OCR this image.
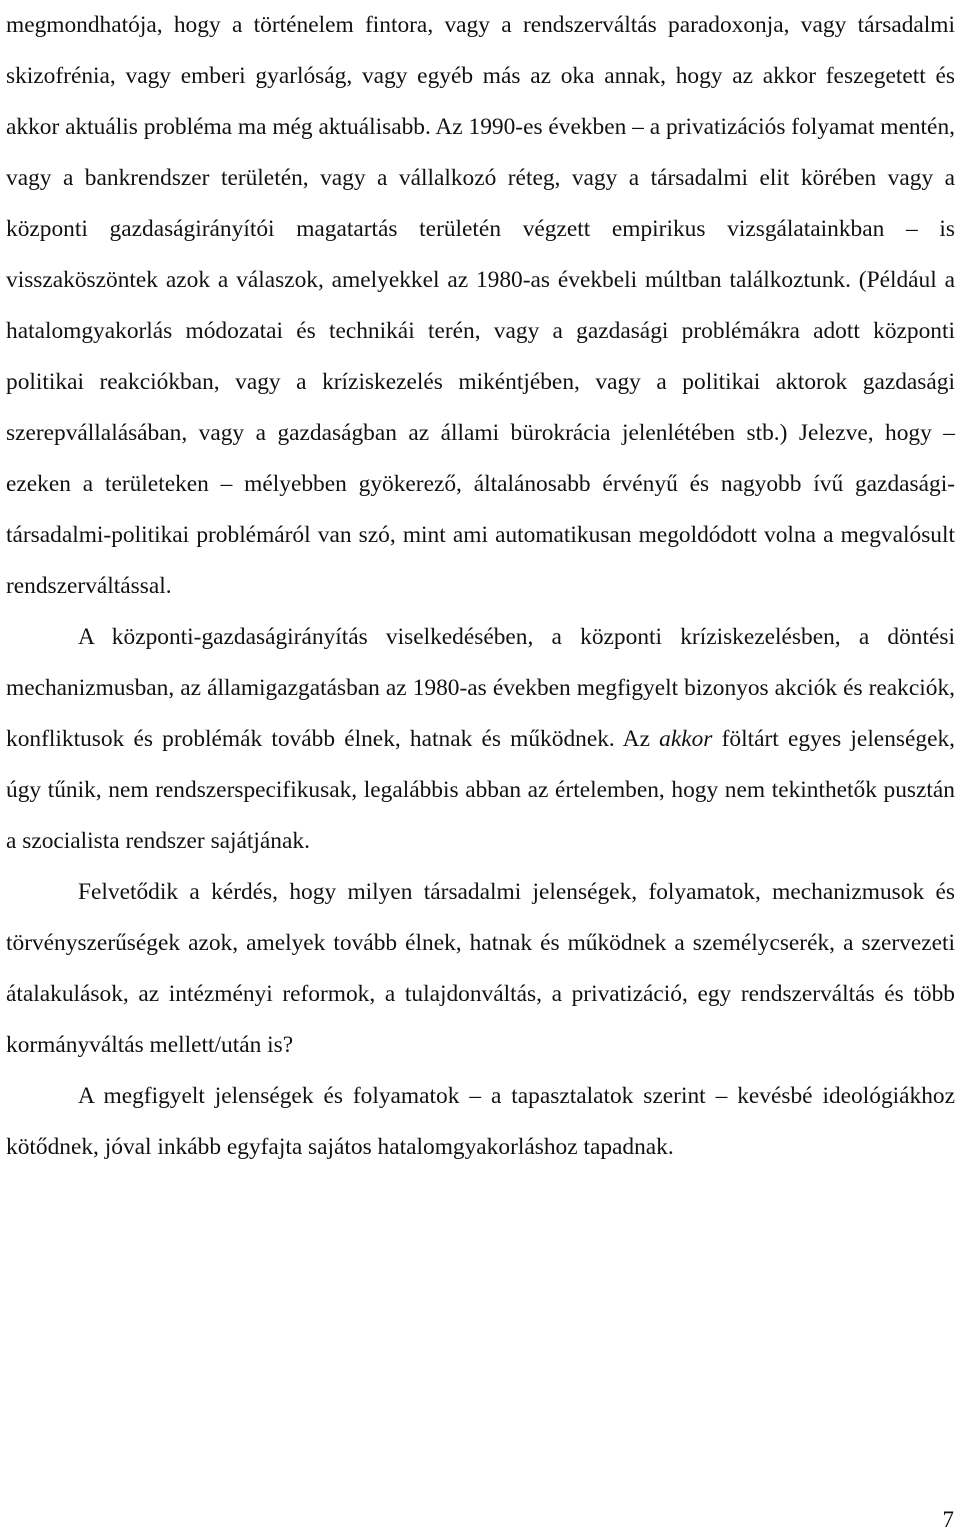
megmondhatója, hogy a történelem fintora, vagy a rendszerváltás paradoxonja, vagy társadalmi skizofrénia, vagy emberi gyarlóság, vagy egyéb más az oka annak, hogy az akkor feszegetett és akkor aktuális probléma ma még aktuálisabb. Az 1990-es években – a privatizációs folyamat mentén, vagy a bankrendszer területén, vagy a vállalkozó réteg, vagy a társadalmi elit körében vagy a központi gazdaságirányítói magatartás területén végzett empirikus vizsgálatainkban – is visszaköszöntek azok a válaszok, amelyekkel az 1980-as évekbeli múltban találkoztunk. (Például a hatalomgyakorlás módozatai és technikái terén, vagy a gazdasági problémákra adott központi politikai reakciókban, vagy a kríziskezelés mikéntjében, vagy a politikai aktorok gazdasági szerepvállalásában, vagy a gazdaságban az állami bürokrácia jelenlétében stb.) Jelezve, hogy – ezeken a területeken – mélyebben gyökerező, általánosabb érvényű és nagyobb ívű gazdasági-társadalmi-politikai problémáról van szó, mint ami automatikusan megoldódott volna a megvalósult rendszerváltással.

A központi-gazdaságirányítás viselkedésében, a központi kríziskezelésben, a döntési mechanizmusban, az államigazgatásban az 1980-as években megfigyelt bizonyos akciók és reakciók, konfliktusok és problémák tovább élnek, hatnak és működnek. Az akkor föltárt egyes jelenségek, úgy tűnik, nem rendszerspecifikusak, legalábbis abban az értelemben, hogy nem tekinthetők pusztán a szocialista rendszer sajátjának.

Felvetődik a kérdés, hogy milyen társadalmi jelenségek, folyamatok, mechanizmusok és törvényszerűségek azok, amelyek tovább élnek, hatnak és működnek a személycserék, a szervezeti átalakulások, az intézményi reformok, a tulajdonváltás, a privatizáció, egy rendszerváltás és több kormányváltás mellett/után is?

A megfigyelt jelenségek és folyamatok – a tapasztalatok szerint – kevésbé ideológiákhoz kötődnek, jóval inkább egyfajta sajátos hatalomgyakorláshoz tapadnak.

7
